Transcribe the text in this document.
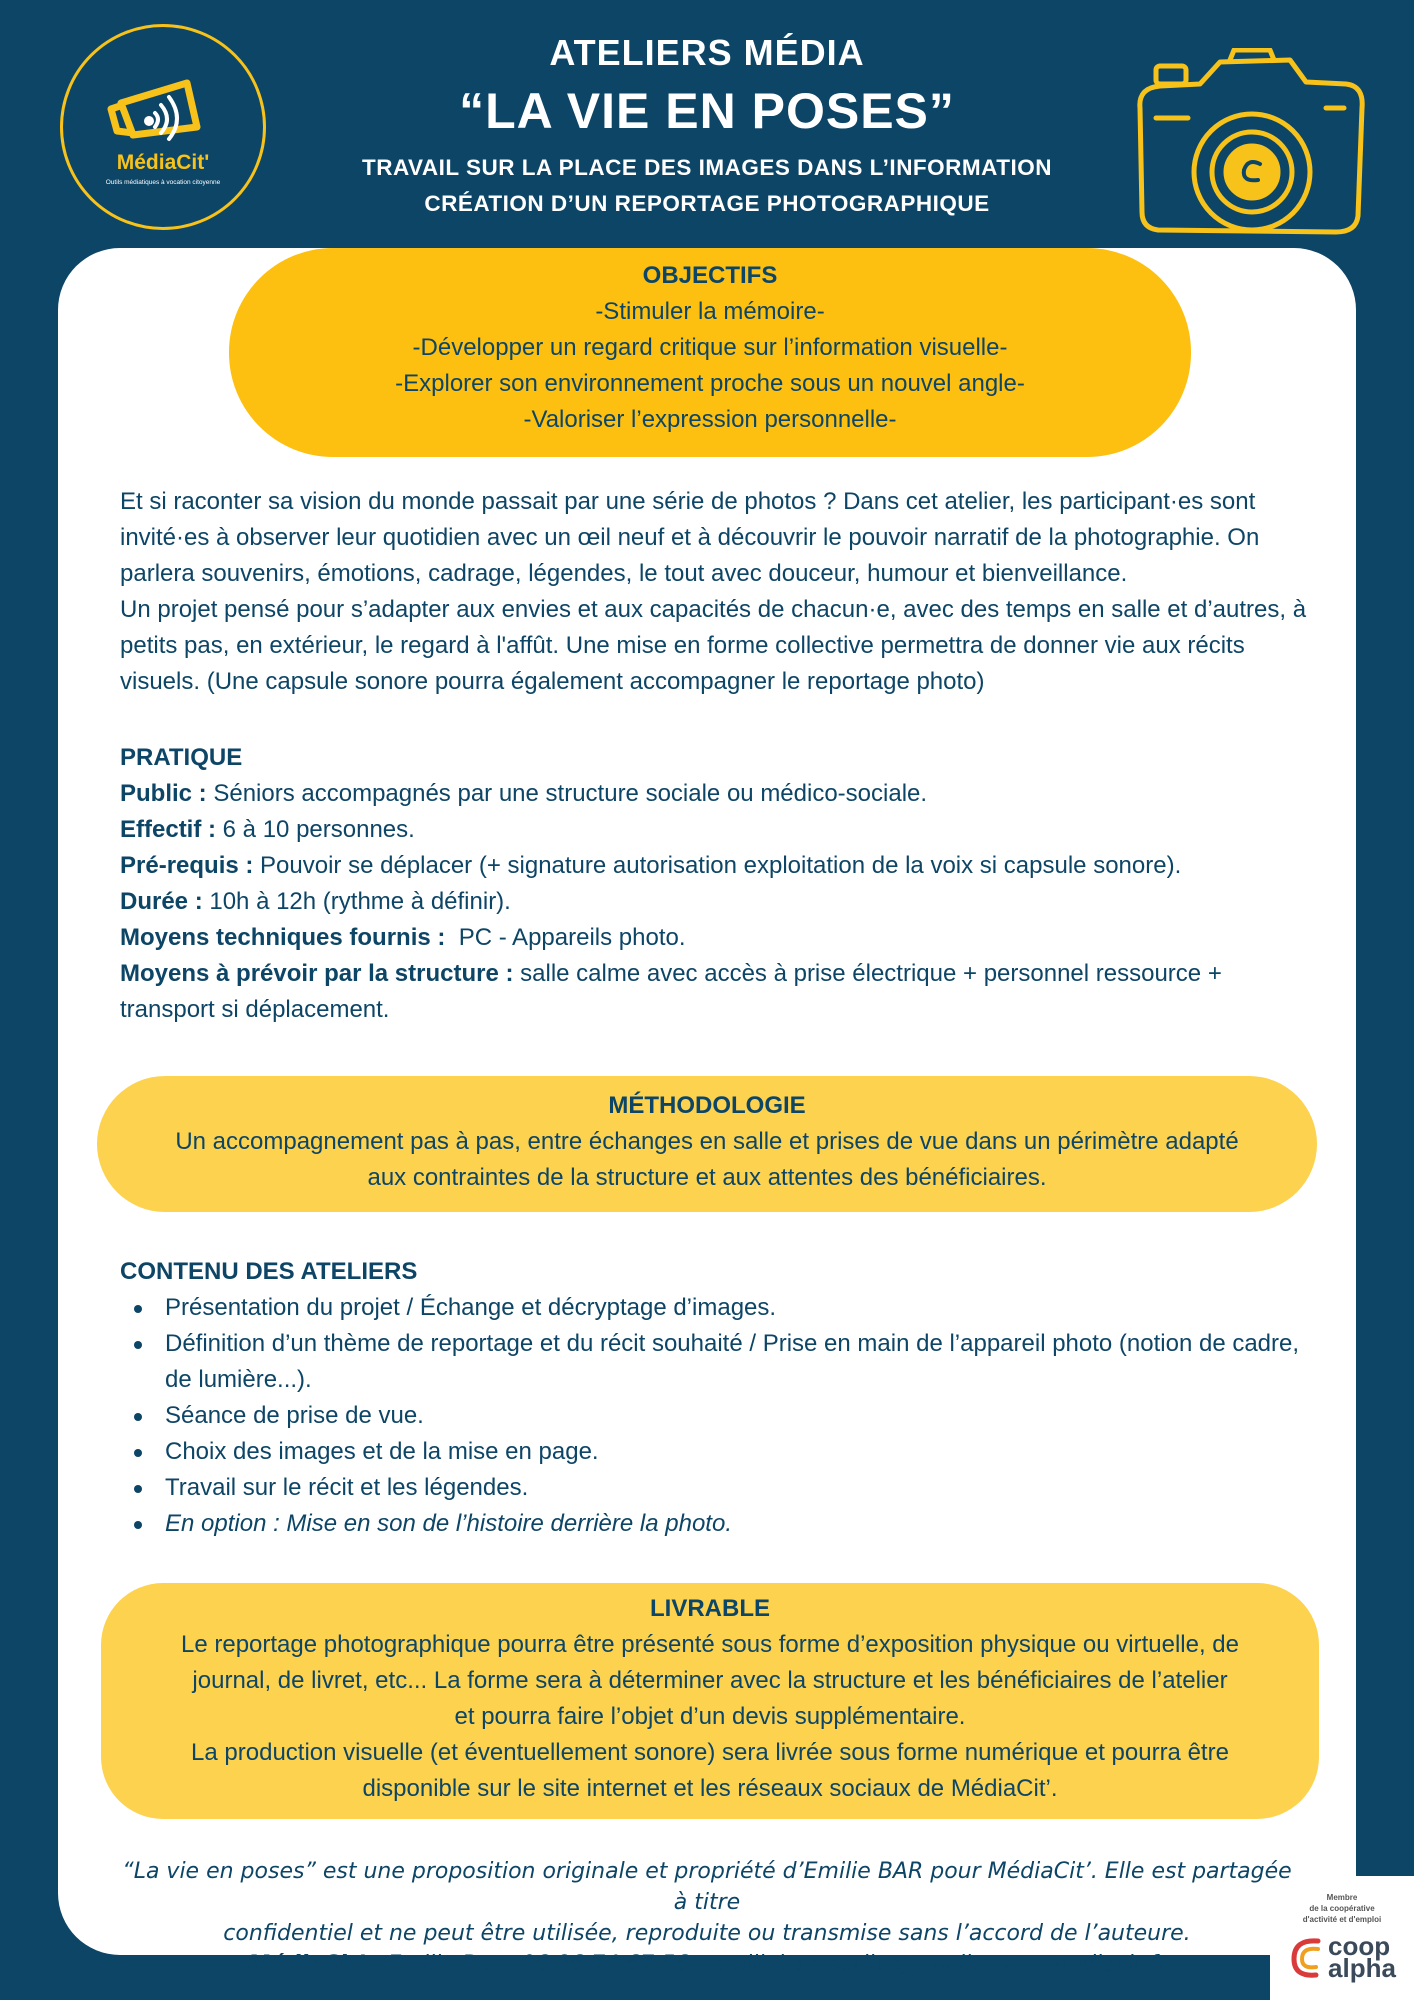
MédiaCit'
Outils médiatiques à vocation citoyenne
ATELIERS MÉDIA
“LA VIE EN POSES”
TRAVAIL SUR LA PLACE DES IMAGES DANS L’INFORMATION
CRÉATION D’UN REPORTAGE PHOTOGRAPHIQUE
OBJECTIFS

-Stimuler la mémoire-

-Développer un regard critique sur l’information visuelle-

-Explorer son environnement proche sous un nouvel angle-

-Valoriser l’expression personnelle-

Et si raconter sa vision du monde passait par une série de photos ? Dans cet atelier, les participant·es sont invité·es à observer leur quotidien avec un œil neuf et à découvrir le pouvoir narratif de la photographie. On parlera souvenirs, émotions, cadrage, légendes, le tout avec douceur, humour et bienveillance.

Un projet pensé pour s’adapter aux envies et aux capacités de chacun·e, avec des temps en salle et d’autres, à petits pas, en extérieur, le regard à l'affût. Une mise en forme collective permettra de donner vie aux récits visuels. (Une capsule sonore pourra également accompagner le reportage photo)

PRATIQUE
Public : Séniors accompagnés par une structure sociale ou médico-sociale.
Effectif : 6 à 10 personnes.
Pré-requis : Pouvoir se déplacer (+ signature autorisation exploitation de la voix si capsule sonore).
Durée : 10h à 12h (rythme à définir).
Moyens techniques fournis :  PC - Appareils photo.
Moyens à prévoir par la structure : salle calme avec accès à prise électrique + personnel ressource + transport si déplacement.
MÉTHODOLOGIE

Un accompagnement pas à pas, entre échanges en salle et prises de vue dans un périmètre adapté

aux contraintes de la structure et aux attentes des bénéficiaires.

CONTENU DES ATELIERS
Présentation du projet / Échange et décryptage d’images.
Définition d’un thème de reportage et du récit souhaité / Prise en main de l’appareil photo (notion de cadre, de lumière...).
Séance de prise de vue.
Choix des images et de la mise en page.
Travail sur le récit et les légendes.
En option : Mise en son de l’histoire derrière la photo.
LIVRABLE

Le reportage photographique pourra être présenté sous forme d’exposition physique ou virtuelle, de

journal, de livret, etc... La forme sera à déterminer avec la structure et les bénéficiaires de l’atelier

et pourra faire l’objet d’un devis supplémentaire.

La production visuelle (et éventuellement sonore) sera livrée sous forme numérique et pourra être

disponible sur le site internet et les réseaux sociaux de MédiaCit’.

“La vie en poses” est une proposition originale et propriété d’Emilie BAR pour MédiaCit’. Elle est partagée à titre
confidentiel et ne peut être utilisée, reproduite ou transmise sans l’accord de l’auteure.
MédiaCit’ - Emilie Bar - 06 86 74 67 56 - emiliebar.media@gmail.com - mediacit.fr
Membre
de la coopérative
d'activité et d'emploi
coop
alpha
